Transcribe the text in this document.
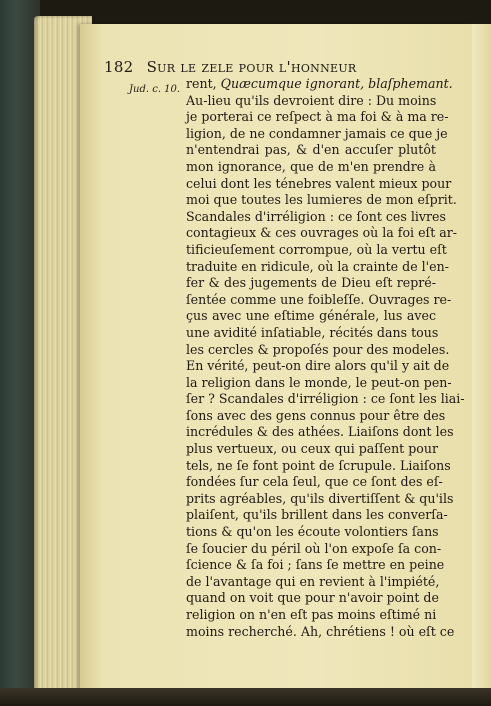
182 Sur le zele pour l'honneur
Jud. c. 10. rent, Quæcumque ignorant, blaſphemant.
Au-lieu qu'ils devroient dire : Du moins
je porterai ce reſpect à ma foi & à ma re-
ligion, de ne condamner jamais ce que je
n'entendrai pas, & d'en accuſer plutôt
mon ignorance, que de m'en prendre à
celui dont les ténebres valent mieux pour
moi que toutes les lumieres de mon eſprit.
Scandales d'irréligion : ce ſont ces livres
contagieux & ces ouvrages où la foi eſt ar-
tificieuſement corrompue, où la vertu eſt
traduite en ridicule, où la crainte de l'en-
fer & des jugements de Dieu eſt repré-
ſentée comme une foibleſſe. Ouvrages re-
çus avec une eſtime générale, lus avec
une avidité inſatiable, récités dans tous
les cercles & propoſés pour des modeles.
En vérité, peut-on dire alors qu'il y ait de
la religion dans le monde, le peut-on pen-
ſer ? Scandales d'irréligion : ce ſont les liai-
ſons avec des gens connus pour être des
incrédules & des athées. Liaiſons dont les
plus vertueux, ou ceux qui paſſent pour
tels, ne ſe font point de ſcrupule. Liaiſons
fondées ſur cela ſeul, que ce ſont des eſ-
prits agréables, qu'ils divertiſſent & qu'ils
plaiſent, qu'ils brillent dans les converſa-
tions & qu'on les écoute volontiers ſans
ſe ſoucier du péril où l'on expoſe ſa con-
ſcience & ſa foi ; ſans ſe mettre en peine
de l'avantage qui en revient à l'impiété,
quand on voit que pour n'avoir point de
religion on n'en eſt pas moins eſtimé ni
moins recherché. Ah, chrétiens ! où eſt ce
